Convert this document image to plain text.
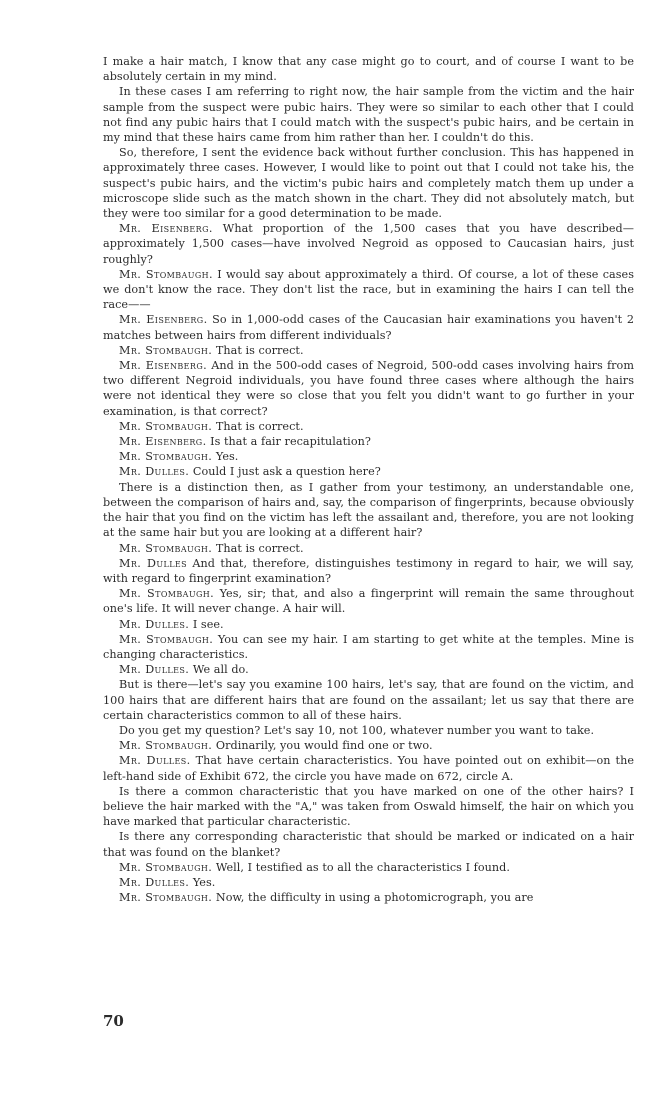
I make a hair match, I know that any case might go to court, and of course I want to be absolutely certain in my mind.

In these cases I am referring to right now, the hair sample from the victim and the hair sample from the suspect were pubic hairs. They were so similar to each other that I could not find any pubic hairs that I could match with the suspect's pubic hairs, and be certain in my mind that these hairs came from him rather than her. I couldn't do this.

So, therefore, I sent the evidence back without further conclusion. This has happened in approximately three cases. However, I would like to point out that I could not take his, the suspect's pubic hairs, and the victim's pubic hairs and completely match them up under a microscope slide such as the match shown in the chart. They did not absolutely match, but they were too similar for a good determination to be made.

Mr. Eisenberg. What proportion of the 1,500 cases that you have described—approximately 1,500 cases—have involved Negroid as opposed to Caucasian hairs, just roughly?

Mr. Stombaugh. I would say about approximately a third. Of course, a lot of these cases we don't know the race. They don't list the race, but in examining the hairs I can tell the race——

Mr. Eisenberg. So in 1,000-odd cases of the Caucasian hair examinations you haven't 2 matches between hairs from different individuals?

Mr. Stombaugh. That is correct.

Mr. Eisenberg. And in the 500-odd cases of Negroid, 500-odd cases involving hairs from two different Negroid individuals, you have found three cases where although the hairs were not identical they were so close that you felt you didn't want to go further in your examination, is that correct?

Mr. Stombaugh. That is correct.

Mr. Eisenberg. Is that a fair recapitulation?

Mr. Stombaugh. Yes.

Mr. Dulles. Could I just ask a question here?

There is a distinction then, as I gather from your testimony, an understandable one, between the comparison of hairs and, say, the comparison of fingerprints, because obviously the hair that you find on the victim has left the assailant and, therefore, you are not looking at the same hair but you are looking at a different hair?

Mr. Stombaugh. That is correct.

Mr. Dulles And that, therefore, distinguishes testimony in regard to hair, we will say, with regard to fingerprint examination?

Mr. Stombaugh. Yes, sir; that, and also a fingerprint will remain the same throughout one's life. It will never change. A hair will.

Mr. Dulles. I see.

Mr. Stombaugh. You can see my hair. I am starting to get white at the temples. Mine is changing characteristics.

Mr. Dulles. We all do.

But is there—let's say you examine 100 hairs, let's say, that are found on the victim, and 100 hairs that are different hairs that are found on the assailant; let us say that there are certain characteristics common to all of these hairs.

Do you get my question? Let's say 10, not 100, whatever number you want to take.

Mr. Stombaugh. Ordinarily, you would find one or two.

Mr. Dulles. That have certain characteristics. You have pointed out on exhibit—on the left-hand side of Exhibit 672, the circle you have made on 672, circle A.

Is there a common characteristic that you have marked on one of the other hairs? I believe the hair marked with the "A," was taken from Oswald himself, the hair on which you have marked that particular characteristic.

Is there any corresponding characteristic that should be marked or indicated on a hair that was found on the blanket?

Mr. Stombaugh. Well, I testified as to all the characteristics I found.

Mr. Dulles. Yes.

Mr. Stombaugh. Now, the difficulty in using a photomicrograph, you are

70
